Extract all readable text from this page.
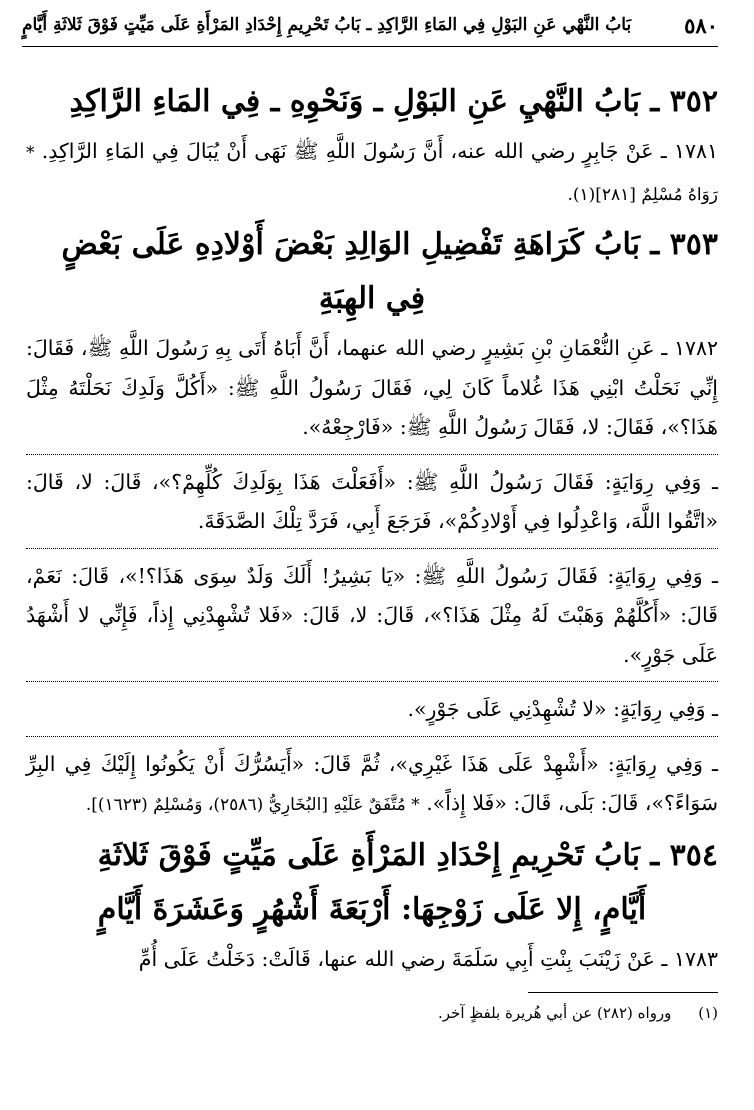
٥٨٠
بَابُ النَّهْي عَنِ البَوْلِ فِي المَاءِ الرَّاكِدِ ـ بَابُ تَحْرِيمِ إِحْدَادِ المَرْأَةِ عَلَى مَيِّتٍ فَوْقَ ثَلاثَةِ أَيَّامٍ
٣٥٢ ـ بَابُ النَّهْيِ عَنِ البَوْلِ ـ وَنَحْوِهِ ـ فِي المَاءِ الرَّاكِدِ

١٧٨١ ـ عَنْ جَابِرٍ رضي الله عنه، أَنَّ رَسُولَ اللَّهِ ﷺ نَهَى أَنْ يُبَالَ فِي المَاءِ الرَّاكِدِ. * رَوَاهُ مُسْلِمٌ [٢٨١](١).

٣٥٣ ـ بَابُ كَرَاهَةِ تَفْضِيلِ الوَالِدِ بَعْضَ أَوْلادِهِ عَلَى بَعْضٍ
فِي الهِبَةِ

١٧٨٢ ـ عَنِ النُّعْمَانِ بْنِ بَشِيرٍ رضي الله عنهما، أَنَّ أَبَاهُ أَتَى بِهِ رَسُولَ اللَّهِ ﷺ، فَقَالَ: إِنِّي نَحَلْتُ ابْنِي هَذَا غُلاماً كَانَ لِي، فَقَالَ رَسُولُ اللَّهِ ﷺ: «أَكُلَّ وَلَدِكَ نَحَلْتَهُ مِثْلَ هَذَا؟»، فَقَالَ: لا، فَقَالَ رَسُولُ اللَّهِ ﷺ: «فَارْجِعْهُ».

ـ وَفِي رِوَايَةٍ: فَقَالَ رَسُولُ اللَّهِ ﷺ: «أَفَعَلْتَ هَذَا بِوَلَدِكَ كُلِّهِمْ؟»، قَالَ: لا، قَالَ: «اتَّقُوا اللَّهَ، وَاعْدِلُوا فِي أَوْلادِكُمْ»، فَرَجَعَ أَبِي، فَرَدَّ تِلْكَ الصَّدَقَةَ.

ـ وَفِي رِوَايَةٍ: فَقَالَ رَسُولُ اللَّهِ ﷺ: «يَا بَشِيرُ! أَلَكَ وَلَدٌ سِوَى هَذَا؟!»، قَالَ: نَعَمْ، قَالَ: «أَكُلَّهُمْ وَهَبْتَ لَهُ مِثْلَ هَذَا؟»، قَالَ: لا، قَالَ: «فَلا تُشْهِدْنِي إِذاً، فَإِنِّي لا أَشْهَدُ عَلَى جَوْرٍ».

ـ وَفِي رِوَايَةٍ: «لا تُشْهِدْنِي عَلَى جَوْرٍ».

ـ وَفِي رِوَايَةٍ: «أَشْهِدْ عَلَى هَذَا غَيْرِي»، ثُمَّ قَالَ: «أَيَسُرُّكَ أَنْ يَكُونُوا إِلَيْكَ فِي البِرِّ سَوَاءً؟»، قَالَ: بَلَى، قَالَ: «فَلا إِذاً». * مُتَّفَقٌ عَلَيْهِ [البُخَارِيُّ (٢٥٨٦)، وَمُسْلِمٌ (١٦٢٣)].

٣٥٤ ـ بَابُ تَحْرِيمِ إِحْدَادِ المَرْأَةِ عَلَى مَيِّتٍ فَوْقَ ثَلاثَةِ
أَيَّامٍ، إِلا عَلَى زَوْجِهَا: أَرْبَعَةَ أَشْهُرٍ وَعَشَرَةَ أَيَّامٍ

١٧٨٣ ـ عَنْ زَيْنَبَ بِنْتِ أَبِي سَلَمَةَ رضي الله عنها، قَالَتْ: دَخَلْتُ عَلَى أُمِّ

(١) ورواه (٢٨٢) عن أبي هُريرة بلفظٍ آخر.
